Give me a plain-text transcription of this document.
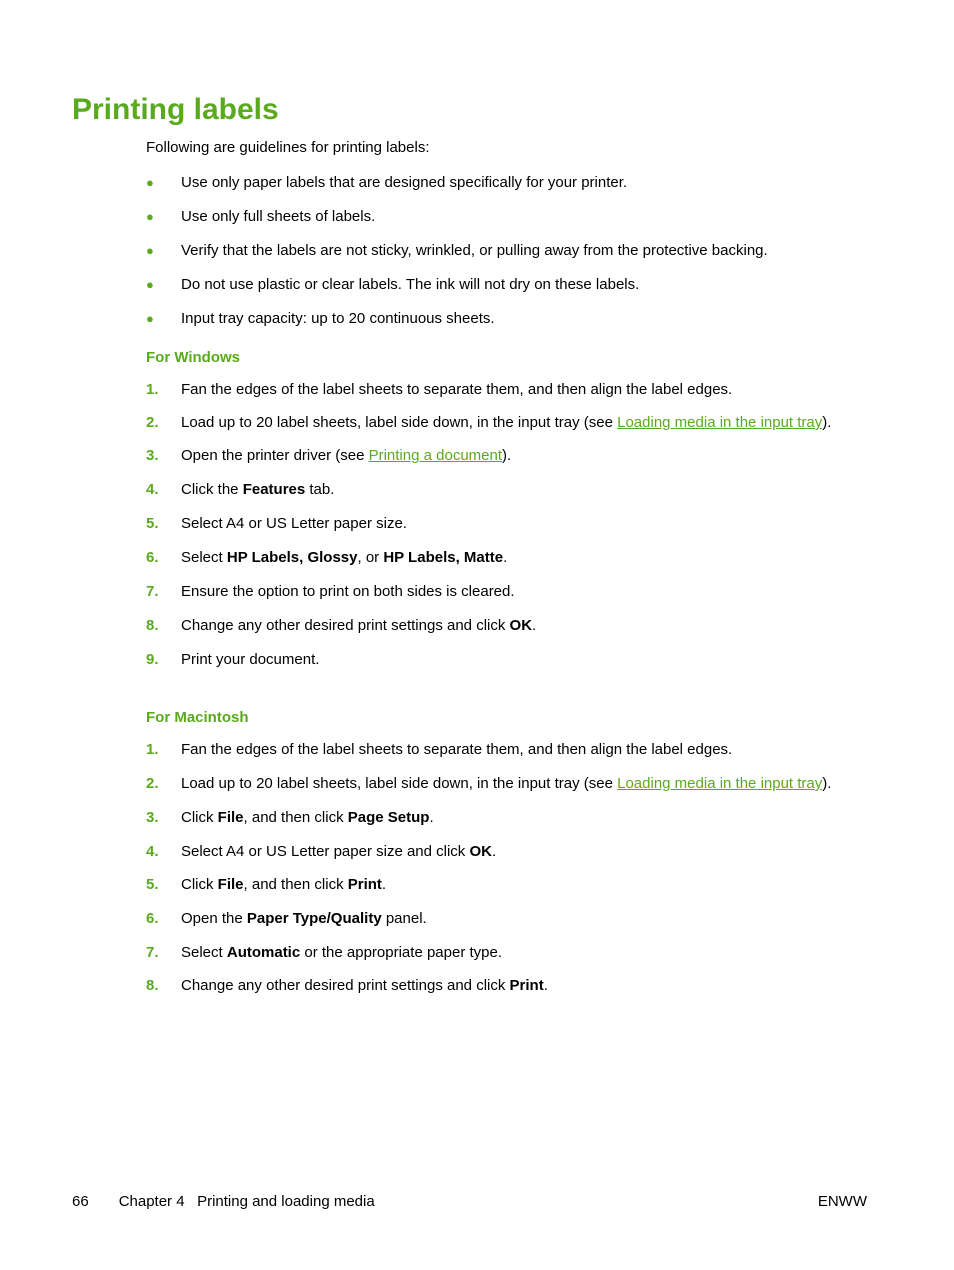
Printing labels
Following are guidelines for printing labels:
● Use only paper labels that are designed specifically for your printer.
● Use only full sheets of labels.
● Verify that the labels are not sticky, wrinkled, or pulling away from the protective backing.
● Do not use plastic or clear labels. The ink will not dry on these labels.
● Input tray capacity: up to 20 continuous sheets.
For Windows
1. Fan the edges of the label sheets to separate them, and then align the label edges.
2. Load up to 20 label sheets, label side down, in the input tray (see Loading media in the input tray).
3. Open the printer driver (see Printing a document).
4. Click the Features tab.
5. Select A4 or US Letter paper size.
6. Select HP Labels, Glossy, or HP Labels, Matte.
7. Ensure the option to print on both sides is cleared.
8. Change any other desired print settings and click OK.
9. Print your document.
For Macintosh
1. Fan the edges of the label sheets to separate them, and then align the label edges.
2. Load up to 20 label sheets, label side down, in the input tray (see Loading media in the input tray).
3. Click File, and then click Page Setup.
4. Select A4 or US Letter paper size and click OK.
5. Click File, and then click Print.
6. Open the Paper Type/Quality panel.
7. Select Automatic or the appropriate paper type.
8. Change any other desired print settings and click Print.
66 Chapter 4   Printing and loading media	ENWW
